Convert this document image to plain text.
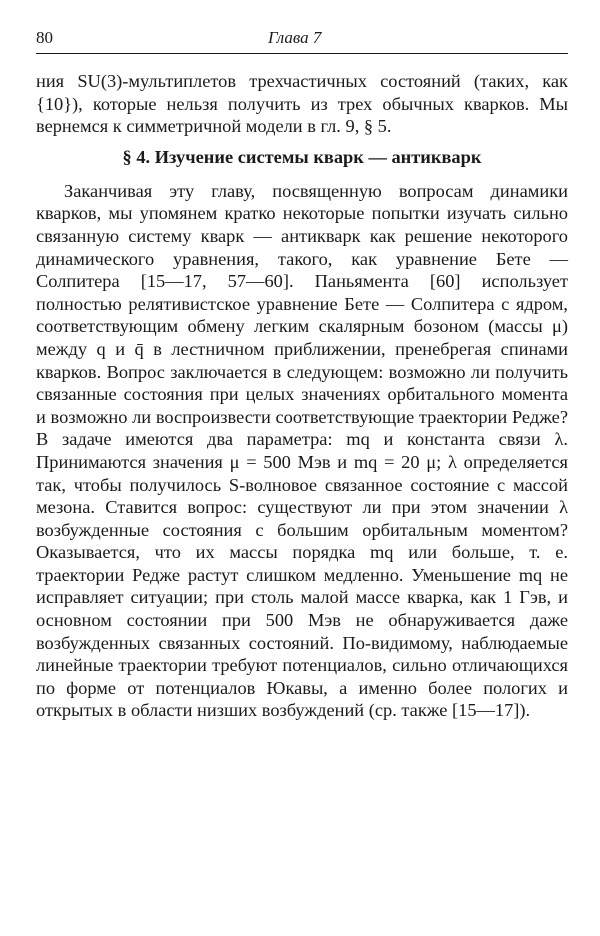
80	Глава 7

ния SU(3)-мультиплетов трехчастичных состояний (таких, как {10}), которые нельзя получить из трех обычных кварков. Мы вернемся к симметричной модели в гл. 9, § 5.

§ 4. Изучение системы кварк — антикварк

Заканчивая эту главу, посвященную вопросам динамики кварков, мы упомянем кратко некоторые попытки изучать сильно связанную систему кварк — антикварк как решение некоторого динамического уравнения, такого, как уравнение Бете — Солпитера [15—17, 57—60]. Паньямента [60] использует полностью релятивистское уравнение Бете — Солпитера с ядром, соответствующим обмену легким скалярным бозоном (массы μ) между q и q̄ в лестничном приближении, пренебрегая спинами кварков. Вопрос заключается в следующем: возможно ли получить связанные состояния при целых значениях орбитального момента и возможно ли воспроизвести соответствующие траектории Редже? В задаче имеются два параметра: mq и константа связи λ. Принимаются значения μ = 500 Мэв и mq = 20 μ; λ определяется так, чтобы получилось S-волновое связанное состояние с массой мезона. Ставится вопрос: существуют ли при этом значении λ возбужденные состояния с большим орбитальным моментом? Оказывается, что их массы порядка mq или больше, т. е. траектории Редже растут слишком медленно. Уменьшение mq не исправляет ситуации; при столь малой массе кварка, как 1 Гэв, и основном состоянии при 500 Мэв не обнаруживается даже возбужденных связанных состояний. По-видимому, наблюдаемые линейные траектории требуют потенциалов, сильно отличающихся по форме от потенциалов Юкавы, а именно более пологих и открытых в области низших возбуждений (ср. также [15—17]).
